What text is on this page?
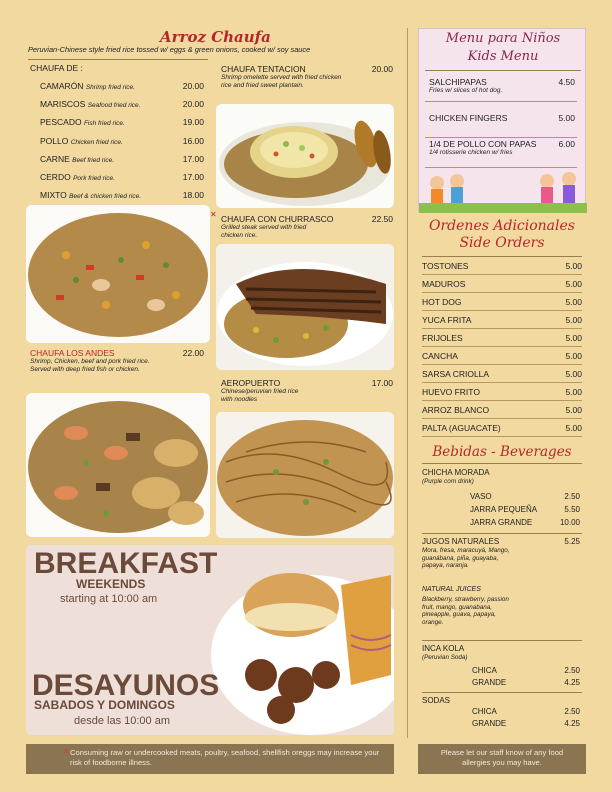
Arroz Chaufa
Peruvian-Chinese style fried rice tossed w/ eggs & green onions, cooked w/ soy sauce
CHAUFA DE :
CAMARÓN Shrimp fried rice.	20.00
MARISCOS Seafood fried rice.	20.00
PESCADO Fish fried rice.	19.00
POLLO Chicken fried rice.	16.00
CARNE Beef fried rice.	17.00
CERDO Pork fried rice.	17.00
MIXTO Beef & chicken fried rice.	18.00
CHAUFA TENTACION	20.00
Shrimp omelette served with fried chicken rice and fried sweet plantain.
✕ CHAUFA CON CHURRASCO	22.50
Grilled steak served with fried chicken rice.
CHAUFA LOS ANDES	22.00
Shrimp, Chicken, beef and pork fried rice. Served with deep fried fish or chicken.
AEROPUERTO	17.00
Chinese/peruvian fried rice with noodles
BREAKFAST
WEEKENDS
starting at 10:00 am
DESAYUNOS
SABADOS Y DOMINGOS
desde las 10:00 am
Menu para Niños
Kids Menu
SALCHIPAPAS	4.50
Fries w/ slices of hot dog.
CHICKEN FINGERS	5.00
1/4 DE POLLO CON PAPAS	6.00
1/4 rotisserie chicken w/ fries
Ordenes Adicionales
Side Orders
TOSTONES	5.00
MADUROS	5.00
HOT DOG	5.00
YUCA FRITA	5.00
FRIJOLES	5.00
CANCHA	5.00
SARSA CRIOLLA	5.00
HUEVO FRITO	5.00
ARROZ BLANCO	5.00
PALTA (AGUACATE)	5.00
Bebidas - Beverages
CHICHA MORADA
(Purple corn drink)
VASO	2.50
JARRA PEQUEÑA	5.50
JARRA GRANDE	10.00
JUGOS NATURALES	5.25
Mora, fresa, maracuyá, Mango, guanábana, piña, guayaba, papaya, naranja.
NATURAL JUICES
Blackberry, strawberry, passion fruit, mango, guanabana, pineapple, guava, papaya, orange.
INCA KOLA
(Peruvian Soda)
CHICA	2.50
GRANDE	4.25
SODAS
CHICA	2.50
GRANDE	4.25
✕ Consuming raw or undercooked meats, poultry, seafood, shellfish oreggs may increase your risk of foodborne illness.
Please let our staff know of any food allergies you may have.
